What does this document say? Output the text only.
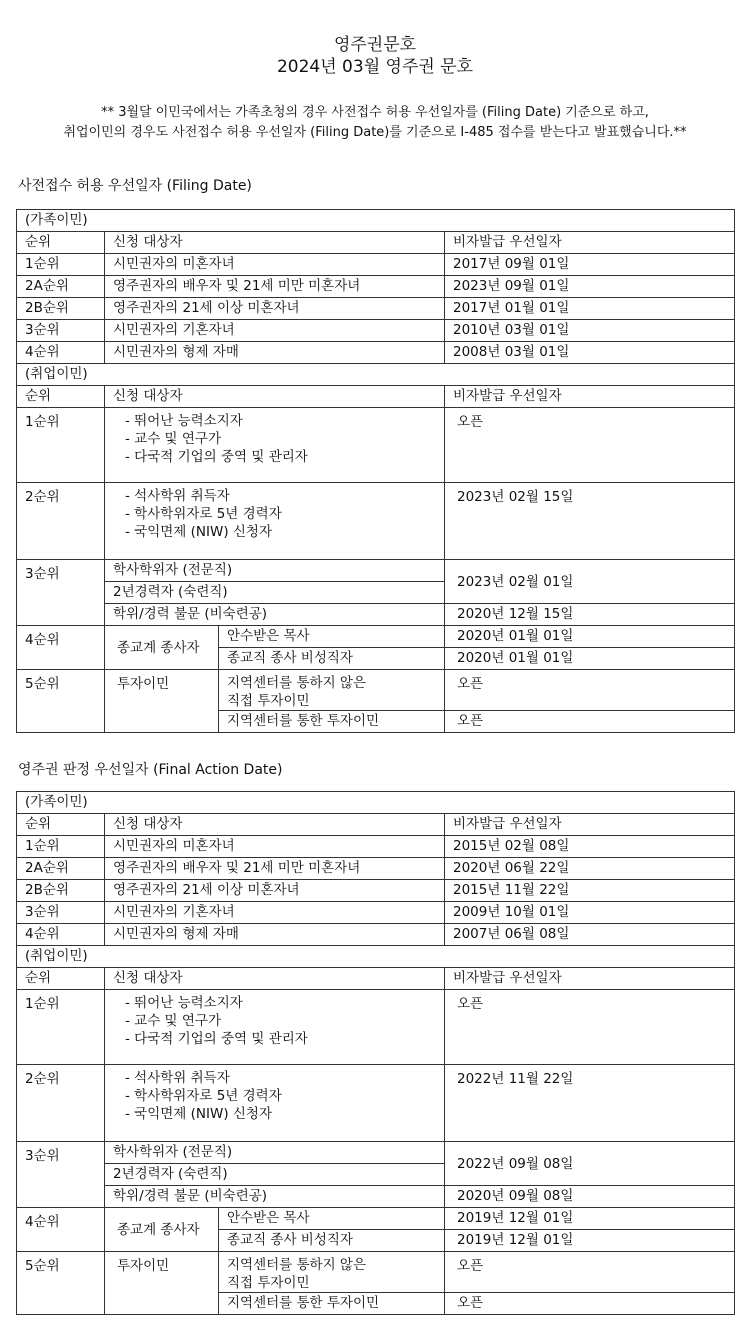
영주권문호
2024년 03월 영주권 문호
** 3월달 이민국에서는 가족초청의 경우 사전접수 허용 우선일자를 (Filing Date) 기준으로 하고,
취업이민의 경우도 사전접수 허용 우선일자 (Filing Date)를 기준으로 I-485 접수를 받는다고 발표했습니다.**
사전접수 허용 우선일자 (Filing Date)
(가족이민)			
순위	신청 대상자		비자발급 우선일자
1순위	시민권자의 미혼자녀		2017년 09월 01일
2A순위	영주권자의 배우자 및 21세 미만 미혼자녀		2023년 09월 01일
2B순위	영주권자의 21세 이상 미혼자녀		2017년 01월 01일
3순위	시민권자의 기혼자녀		2010년 03월 01일
4순위	시민권자의 형제 자매		2008년 03월 01일
(취업이민)			
순위	신청 대상자		비자발급 우선일자
1순위	- 뛰어난 능력소지자
- 교수 및 연구가
- 다국적 기업의 중역 및 관리자		오픈
2순위	- 석사학위 취득자
- 학사학위자로 5년 경력자
- 국익면제 (NIW) 신청자		2023년 02월 15일
3순위	학사학위자 (전문직)		2023년 02월 01일
	2년경력자 (숙련직)		
	학위/경력 불문 (비숙련공)		2020년 12월 15일
4순위	종교계 종사자	안수받은 목사	2020년 01월 01일
		종교직 종사 비성직자	2020년 01월 01일
5순위	투자이민	지역센터를 통하지 않은
직접 투자이민	오픈
		지역센터를 통한 투자이민	오픈
영주권 판정 우선일자 (Final Action Date)
(가족이민)			
순위	신청 대상자		비자발급 우선일자
1순위	시민권자의 미혼자녀		2015년 02월 08일
2A순위	영주권자의 배우자 및 21세 미만 미혼자녀		2020년 06월 22일
2B순위	영주권자의 21세 이상 미혼자녀		2015년 11월 22일
3순위	시민권자의 기혼자녀		2009년 10월 01일
4순위	시민권자의 형제 자매		2007년 06월 08일
(취업이민)			
순위	신청 대상자		비자발급 우선일자
1순위	- 뛰어난 능력소지자
- 교수 및 연구가
- 다국적 기업의 중역 및 관리자		오픈
2순위	- 석사학위 취득자
- 학사학위자로 5년 경력자
- 국익면제 (NIW) 신청자		2022년 11월 22일
3순위	학사학위자 (전문직)		2022년 09월 08일
	2년경력자 (숙련직)		
	학위/경력 불문 (비숙련공)		2020년 09월 08일
4순위	종교계 종사자	안수받은 목사	2019년 12월 01일
		종교직 종사 비성직자	2019년 12월 01일
5순위	투자이민	지역센터를 통하지 않은
직접 투자이민	오픈
		지역센터를 통한 투자이민	오픈
